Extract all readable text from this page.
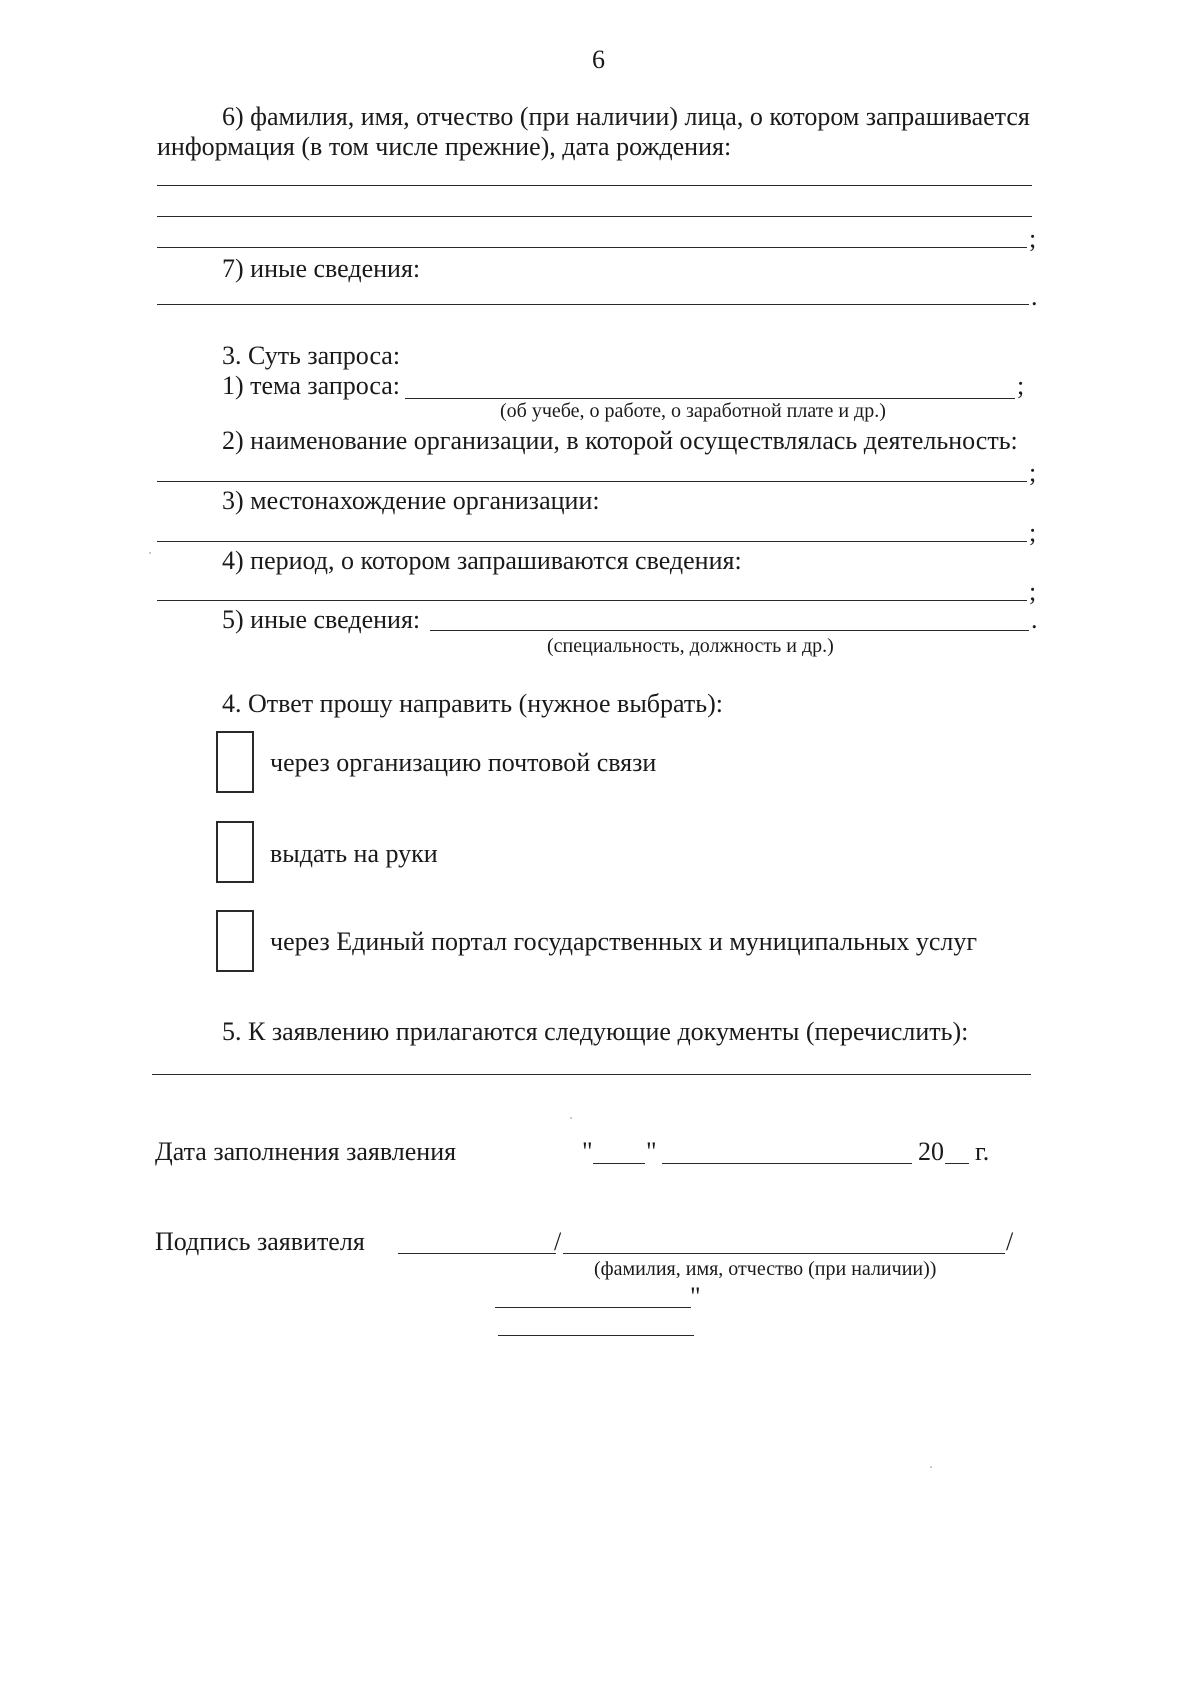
6
6) фамилия, имя, отчество (при наличии) лица, о котором запрашивается
информация (в том числе прежние), дата рождения:
;
7) иные сведения:
.
3. Суть запроса:
1) тема запроса:	;
(об учебе, о работе, о заработной плате и др.)
2) наименование организации, в которой осуществлялась деятельность:
;
3) местонахождение организации:
;
4) период, о котором запрашиваются сведения:
;
5) иные сведения:	.
(специальность, должность и др.)
4. Ответ прошу направить (нужное выбрать):
через организацию почтовой связи
выдать на руки
через Единый портал государственных и муниципальных услуг
5. К заявлению прилагаются следующие документы (перечислить):
Дата заполнения заявления	" "	20 г.
Подпись заявителя	/	/
(фамилия, имя, отчество (при наличии))
"
